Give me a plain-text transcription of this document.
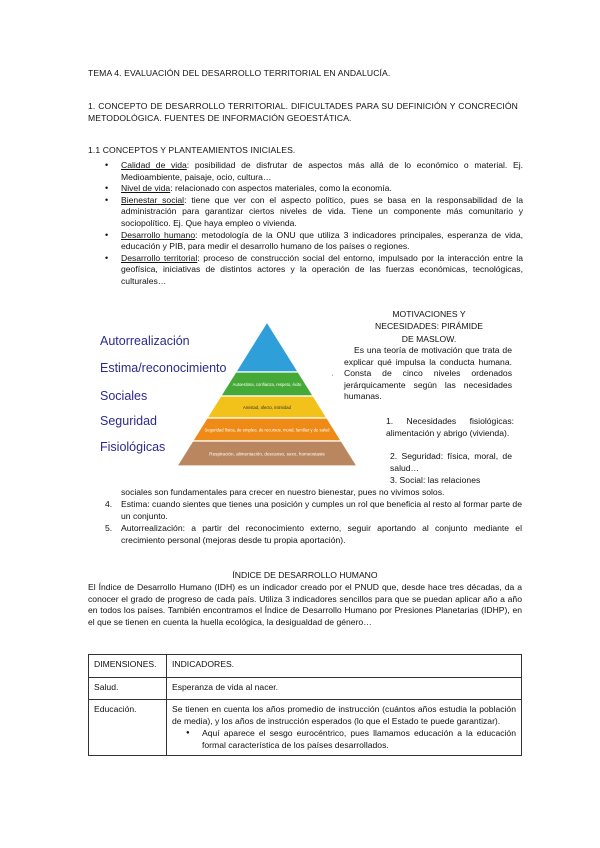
TEMA 4. EVALUACIÓN DEL DESARROLLO TERRITORIAL EN ANDALUCÍA.
1. CONCEPTO DE DESARROLLO TERRITORIAL. DIFICULTADES PARA SU DEFINICIÓN Y CONCRECIÓN METODOLÓGICA. FUENTES DE INFORMACIÓN GEOESTÁTICA.
1.1 CONCEPTOS Y PLANTEAMIENTOS INICIALES.
• Calidad de vida: posibilidad de disfrutar de aspectos más allá de lo económico o material. Ej. Medioambiente, paisaje, ocio, cultura…
• Nivel de vida: relacionado con aspectos materiales, como la economía.
• Bienestar social: tiene que ver con el aspecto político, pues se basa en la responsabilidad de la administración para garantizar ciertos niveles de vida. Tiene un componente más comunitario y sociopolítico. Ej. Que haya empleo o vivienda.
• Desarrollo humano: metodología de la ONU que utiliza 3 indicadores principales, esperanza de vida, educación y PIB, para medir el desarrollo humano de los países o regiones.
• Desarrollo territorial: proceso de construcción social del entorno, impulsado por la interacción entre la geofísica, iniciativas de distintos actores y la operación de las fuerzas económicas, tecnológicas, culturales…
Autorrealización
Estima/reconocimiento
Sociales
Seguridad
Fisiológicas
Autoestima, confianza, respeto, éxito
Amistad, afecto, intimidad
Seguridad física, de empleo, de recursos, moral, familiar y de salud
Respiración, alimentación, descanso, sexo, homeostasis
ˈ
MOTIVACIONES Y NECESIDADES: PIRÁMIDE DE MASLOW.
Es una teoría de motivación que trata de explicar qué impulsa la conducta humana. Consta de cinco niveles ordenados jerárquicamente según las necesidades humanas.
1. Necesidades fisiológicas: alimentación y abrigo (vivienda).
2. Seguridad: física, moral, de salud…
3. Social: las relaciones
sociales son fundamentales para crecer en nuestro bienestar, pues no vivimos solos.
4. Estima: cuando sientes que tienes una posición y cumples un rol que beneficia al resto al formar parte de un conjunto.
5. Autorrealización: a partir del reconocimiento externo, seguir aportando al conjunto mediante el crecimiento personal (mejoras desde tu propia aportación).
ÍNDICE DE DESARROLLO HUMANO
El Índice de Desarrollo Humano (IDH) es un indicador creado por el PNUD que, desde hace tres décadas, da a conocer el grado de progreso de cada país. Utiliza 3 indicadores sencillos para que se puedan aplicar año a año en todos los países. También encontramos el Índice de Desarrollo Humano por Presiones Planetarias (IDHP), en el que se tienen en cuenta la huella ecológica, la desigualdad de género…
DIMENSIONES.	INDICADORES.
Salud.	Esperanza de vida al nacer.
Educación.	Se tienen en cuenta los años promedio de instrucción (cuántos años estudia la población de media), y los años de instrucción esperados (lo que el Estado te puede garantizar).
● Aquí aparece el sesgo eurocéntrico, pues llamamos educación a la educación formal característica de los países desarrollados.
